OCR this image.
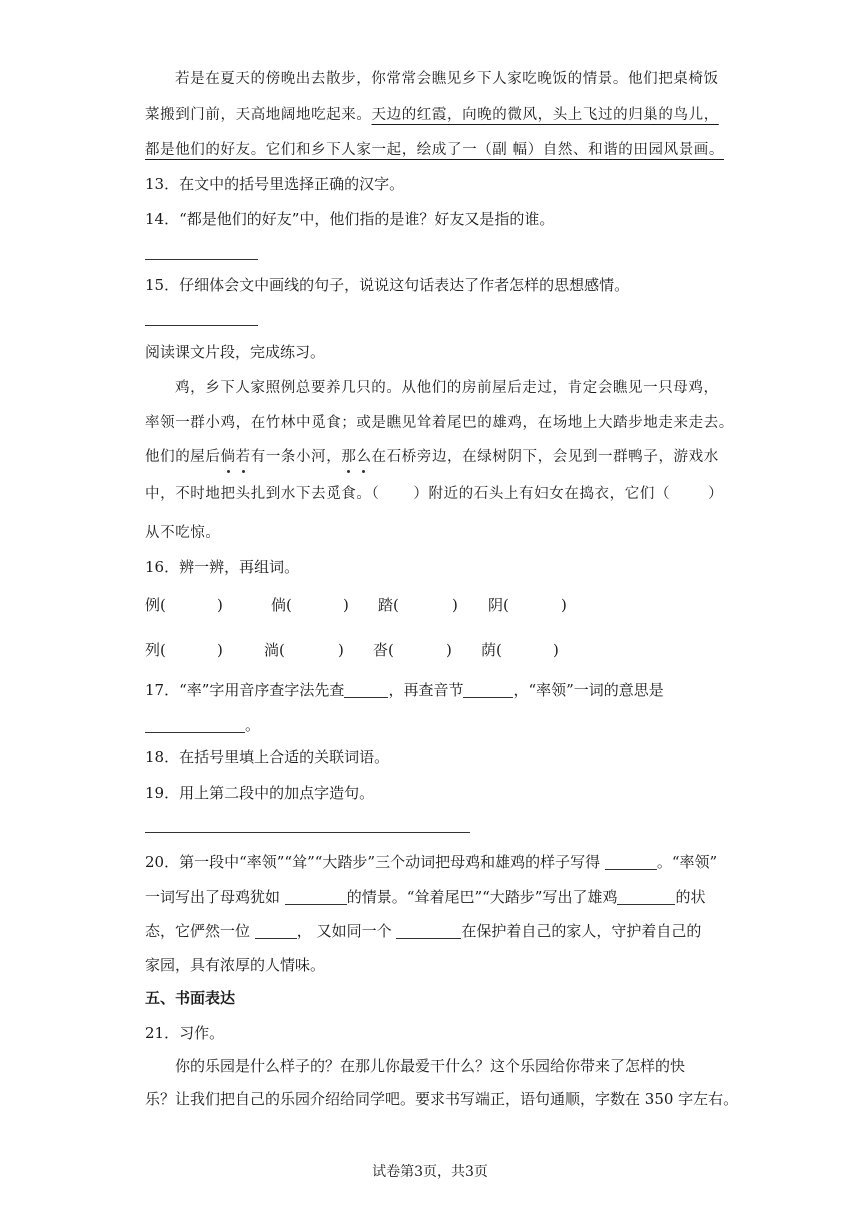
若是在夏天的傍晚出去散步，你常常会瞧见乡下人家吃晚饭的情景。他们把桌椅饭
菜搬到门前，天高地阔地吃起来。天边的红霞，向晚的微风，头上飞过的归巢的鸟儿，
都是他们的好友。它们和乡下人家一起，绘成了一（副 幅）自然、和谐的田园风景画。
13．在文中的括号里选择正确的汉字。
14．“都是他们的好友”中，他们指的是谁？好友又是指的谁。
15．仔细体会文中画线的句子，说说这句话表达了作者怎样的思想感情。
阅读课文片段，完成练习。
鸡，乡下人家照例总要养几只的。从他们的房前屋后走过，肯定会瞧见一只母鸡，
率领一群小鸡，在竹林中觅食；或是瞧见耸着尾巴的雄鸡，在场地上大踏步地走来走去。
他们的屋后倘若有一条小河，那么在石桥旁边，在绿树阴下，会见到一群鸭子，游戏水
中，不时地把头扎到水下去觅食。（ ）附近的石头上有妇女在捣衣，它们（	）
从不吃惊。
16．辨一辨，再组词。
例(	)	倘(	) 踏(	) 阴(	)
列(	)	淌(	) 沓(	) 荫(	)
17．“率”字用音序查字法先查	，再查音节	，“率领”一词的意思是
。
18．在括号里填上合适的关联词语。
19．用上第二段中的加点字造句。
20．第一段中“率领”“耸”“大踏步”三个动词把母鸡和雄鸡的样子写得	。“率领”
一词写出了母鸡犹如	的情景。“耸着尾巴”“大踏步”写出了雄鸡	的状
态，它俨然一位	， 又如同一个	在保护着自己的家人，守护着自己的
家园，具有浓厚的人情味。
五、书面表达
21．习作。
你的乐园是什么样子的？在那儿你最爱干什么？这个乐园给你带来了怎样的快
乐？让我们把自己的乐园介绍给同学吧。要求书写端正，语句通顺，字数在 350 字左右。
试卷第3页，共3页
